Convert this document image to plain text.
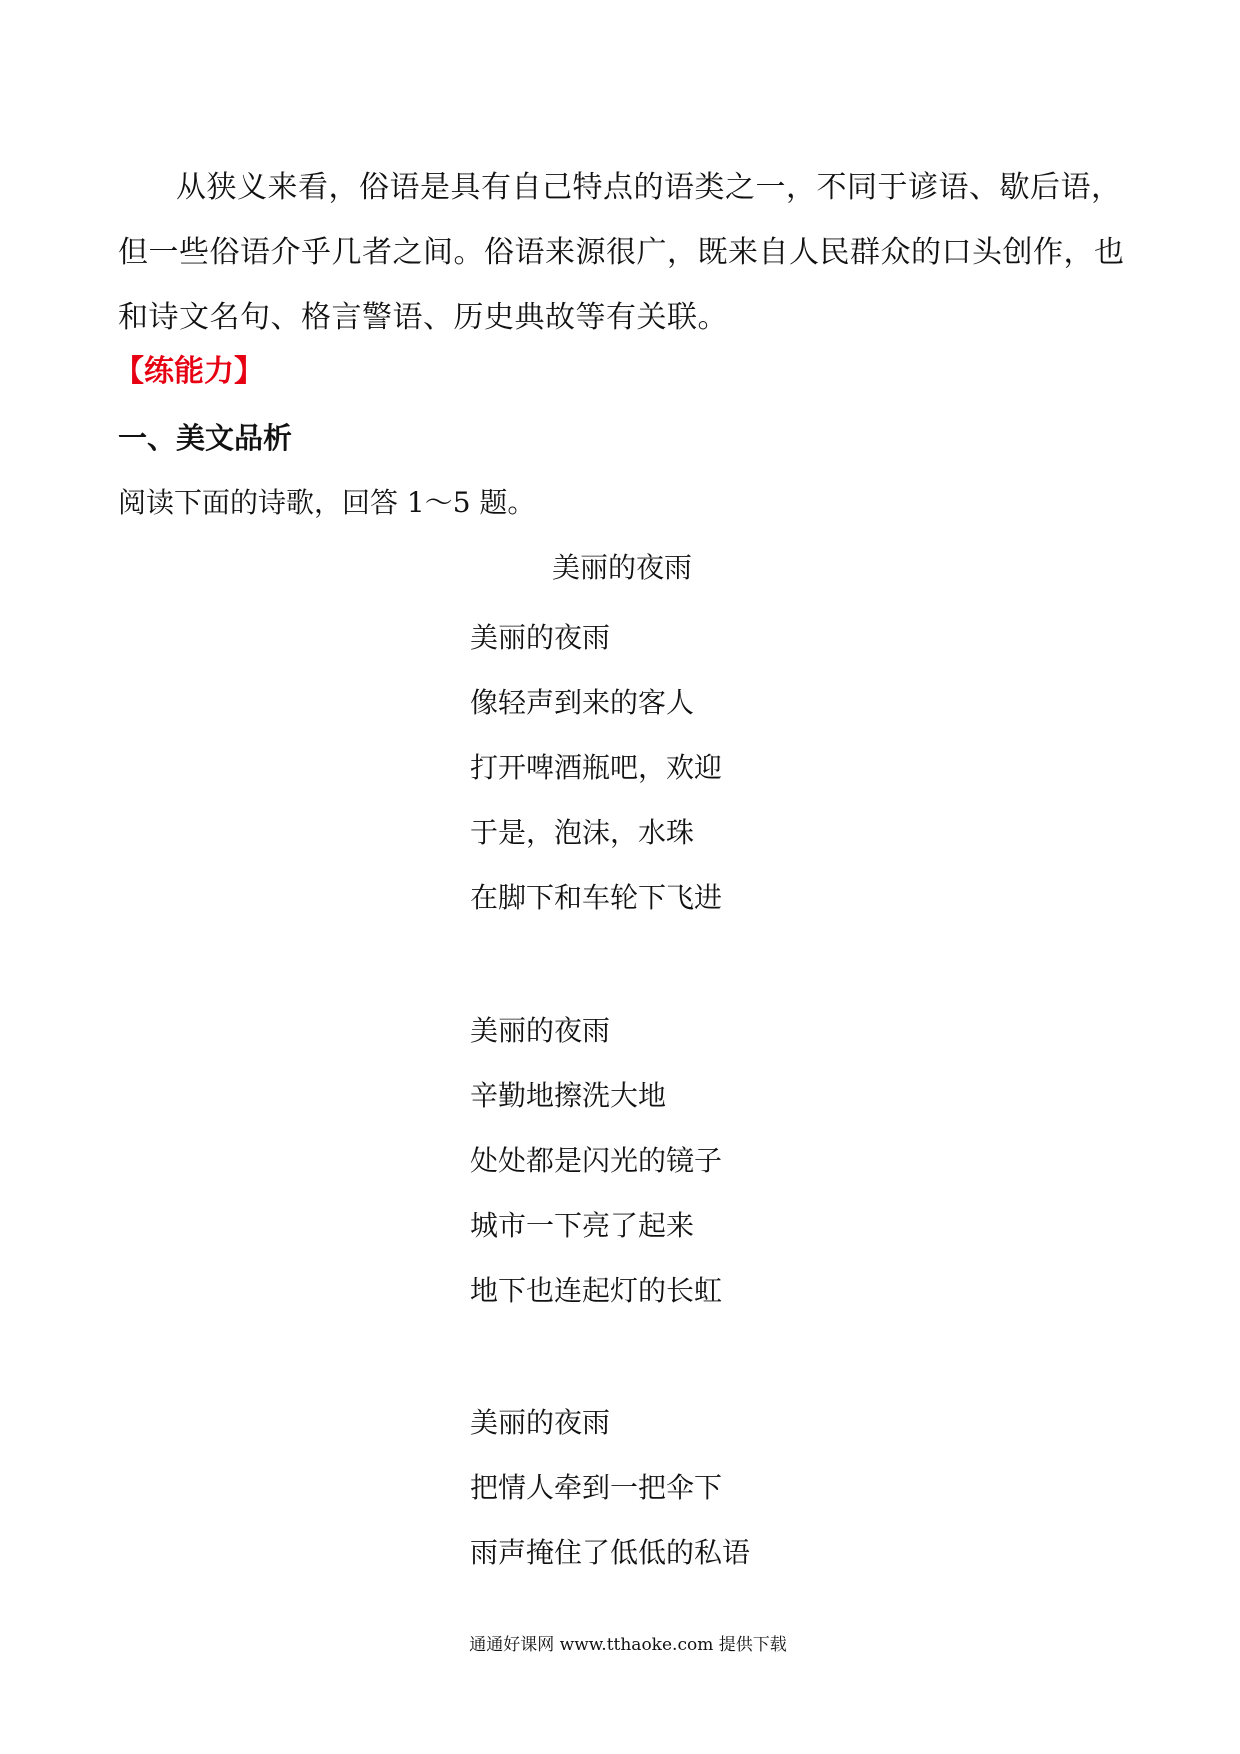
从狭义来看，俗语是具有自己特点的语类之一，不同于谚语、歇后语，但一些俗语介乎几者之间。俗语来源很广，既来自人民群众的口头创作，也和诗文名句、格言警语、历史典故等有关联。

【练能力】

一、美文品析

阅读下面的诗歌，回答 1～5 题。

美丽的夜雨

美丽的夜雨
像轻声到来的客人
打开啤酒瓶吧，欢迎
于是，泡沫，水珠
在脚下和车轮下飞进
美丽的夜雨
辛勤地擦洗大地
处处都是闪光的镜子
城市一下亮了起来
地下也连起灯的长虹
美丽的夜雨
把情人牵到一把伞下
雨声掩住了低低的私语

通通好课网 www.tthaoke.com 提供下载
